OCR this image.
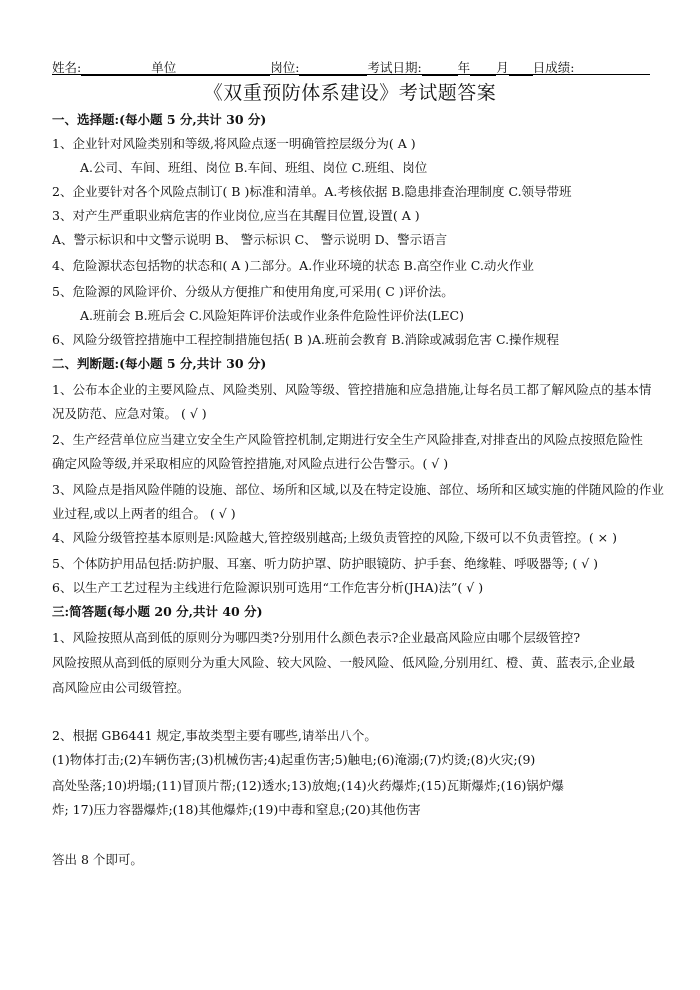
姓名:	单位	岗位:	考试日期:	年 月 日成绩:
《双重预防体系建设》考试题答案
一、选择题:(每小题 5 分,共计 30 分)
1、企业针对风险类别和等级,将风险点逐一明确管控层级分为( A )
A.公司、车间、班组、岗位 B.车间、班组、岗位 C.班组、岗位
2、企业要针对各个风险点制订( B )标准和清单。A.考核依据 B.隐患排查治理制度 C.领导带班
3、对产生严重职业病危害的作业岗位,应当在其醒目位置,设置( A )
A、警示标识和中文警示说明 B、 警示标识 C、 警示说明 D、警示语言
4、危险源状态包括物的状态和( A )二部分。A.作业环境的状态 B.高空作业 C.动火作业
5、危险源的风险评价、分级从方便推广和使用角度,可采用( C )评价法。
A.班前会 B.班后会 C.风险矩阵评价法或作业条件危险性评价法(LEC)
6、风险分级管控措施中工程控制措施包括( B )A.班前会教育 B.消除或减弱危害 C.操作规程
二、判断题:(每小题 5 分,共计 30 分)
1、公布本企业的主要风险点、风险类别、风险等级、管控措施和应急措施,让每名员工都了解风险点的基本情
况及防范、应急对策。 ( √ )
2、生产经营单位应当建立安全生产风险管控机制,定期进行安全生产风险排查,对排查出的风险点按照危险性
确定风险等级,并采取相应的风险管控措施,对风险点进行公告警示。( √ )
3、风险点是指风险伴随的设施、部位、场所和区域,以及在特定设施、部位、场所和区域实施的伴随风险的作业
业过程,或以上两者的组合。 ( √ )
4、风险分级管控基本原则是:风险越大,管控级别越高;上级负责管控的风险,下级可以不负责管控。( × )
5、个体防护用品包括:防护服、耳塞、听力防护罩、防护眼镜防、护手套、绝缘鞋、呼吸器等; ( √ )
6、以生产工艺过程为主线进行危险源识别可选用“工作危害分析(JHA)法”( √ )
三:简答题(每小题 20 分,共计 40 分)
1、风险按照从高到低的原则分为哪四类?分别用什么颜色表示?企业最高风险应由哪个层级管控?
风险按照从高到低的原则分为重大风险、较大风险、一般风险、低风险,分别用红、橙、黄、蓝表示,企业最
高风险应由公司级管控。
2、根据 GB6441 规定,事故类型主要有哪些,请举出八个。
(1)物体打击;(2)车辆伤害;(3)机械伤害;4)起重伤害;5)触电;(6)淹溺;(7)灼烫;(8)火灾;(9)
高处坠落;10)坍塌;(11)冒顶片帮;(12)透水;13)放炮;(14)火药爆炸;(15)瓦斯爆炸;(16)锅炉爆
炸; 17)压力容器爆炸;(18)其他爆炸;(19)中毒和窒息;(20)其他伤害
答出 8 个即可。
